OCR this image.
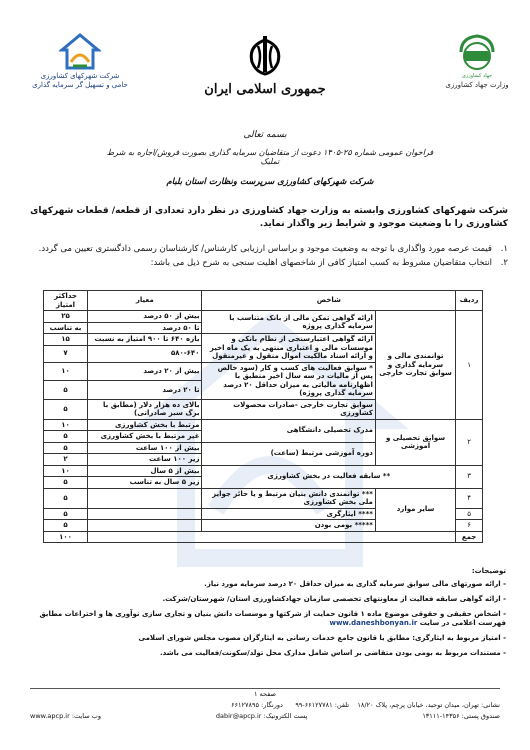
جهاد کشاورزی
وزارت جهاد کشاورزی
شرکت شهرکهای کشاورزی
حامی و تسهیل گر سرمایه گذاری	جمهوری اسلامی ایران
بسمه تعالی
فراخوان عمومی شماره ۲۵-۱۴۰۵ دعوت از متقاضیان سرمایه گذاری بصورت فروش/اجاره به شرط تملیک
شرکت شهرکهای کشاورزی سرپرست ونظارت استان بلبام
شرکت شهرکهای کشاورزی وابسته به وزارت جهاد کشاورزی در نظر دارد تعدادی از قطعه/ قطعات شهرکهای کشاورزی را با وضعیت موجود و شرایط زیر واگذار نماید.
۱.
قیمت عرصه مورد واگذاری با توجه به وضعیت موجود و براساس ارزیابی کارشناس/ کارشناسان رسمی دادگستری تعیین می گردد.
۲.
انتخاب متقاضیان مشروط به کسب امتیاز کافی از شاخصهای اهلیت سنجی به شرح ذیل می باشد:
ردیف	شاخص		معیار	حداکثر امتیاز
۱	توانمندی مالی و سرمایه گذاری و سوابق تجارت خارجی	ارائه گواهی تمکن مالی از بانک متناسب با سرمایه گذاری پروژه	بیش از ۵۰ درصد	۲۵
			تا ۵۰ درصد	به تناسب
		ارائه گواهی اعتبارسنجی از نظام بانکی و موسسات مالی و اعتباری منتهی به یک ماه اخیر و ارائه اسناد مالکیت اموال منقول و غیرمنقول	بازه ۶۴۰ تا ۹۰۰ امتیاز به نسبت	۱۵
			۵۸۰-۶۴۰	۷

		* سوابق فعالیت های کسب و کار (سود خالص پس از مالیات در سه سال اخیر منطبق با اظهارنامه مالیاتی به میزان حداقل ۲۰ درصد سرمایه گذاری پروژه)	بیش از ۲۰ درصد	۱۰
			تا ۲۰ درصد	۵
		سوابق تجارت خارجی -صادرات محصولات کشاورزی	بالای ده هزار دلار (مطابق با برگ سبز صادراتی)	۵
۲	سوابق تحصیلی و آموزشی	مدرک تحصیلی دانشگاهی	مرتبط با بخش کشاورزی	۱۰
			غیر مرتبط با بخش کشاورزی	۵
		دوره آموزشی مرتبط (ساعت)	بیش از ۱۰۰ ساعت	۵
			زیر ۱۰۰ ساعت	۲
۳	** سابقه فعالیت در بخش کشاورزی		بیش از ۵ سال	۱۰
			زیر ۵ سال به تناسب	۵
۴	سایر موارد	*** توانمندی دانش بنیان مرتبط و یا حائز جوایز ملی بخش کشاورزی		۵
۵		**** ایثارگری		۵
۶		***** بومی بودن		۵
جمع				۱۰۰
توضیحات:
- ارائه صورتهای مالی سوابق سرمایه گذاری به میزان حداقل ۲۰ درصد سرمایه مورد نیاز.
- ارائه گواهی سابقه فعالیت از معاونتهای تخصصی سازمان جهادکشاورزی استان/ شهرستان/شرکت.
- اشخاص حقیقی و حقوقی موضوع ماده ۱ قانون حمایت از شرکتها و موسسات دانش بنیان و تجاری سازی نوآوری ها و اختراعات مطابق فهرست اعلامی در سایت www.daneshbonyan.ir
- امتیاز مربوط به ایثارگری: مطابق با قانون جامع خدمات رسانی به ایثارگران مصوب مجلس شورای اسلامی
- مستندات مربوط به بومی بودن متقاضی بر اساس شامل مدارک محل تولد/سکونت/فعالیت می باشد.
صفحه ۱
نشانی: تهران، میدان توحید، خیابان پرچم، پلاک ۱۸/۲۰    تلفن: ۶۶۱۲۷۷۸۱-۹۹      دورنگار: ۶۶۱۲۷۸۹۵
صندوق پستی: ۱۴۳۵۶-۱۳۱۱۱
پست الکترونیک: dabir@apcp.ir
وب سایت: www.apcp.ir
